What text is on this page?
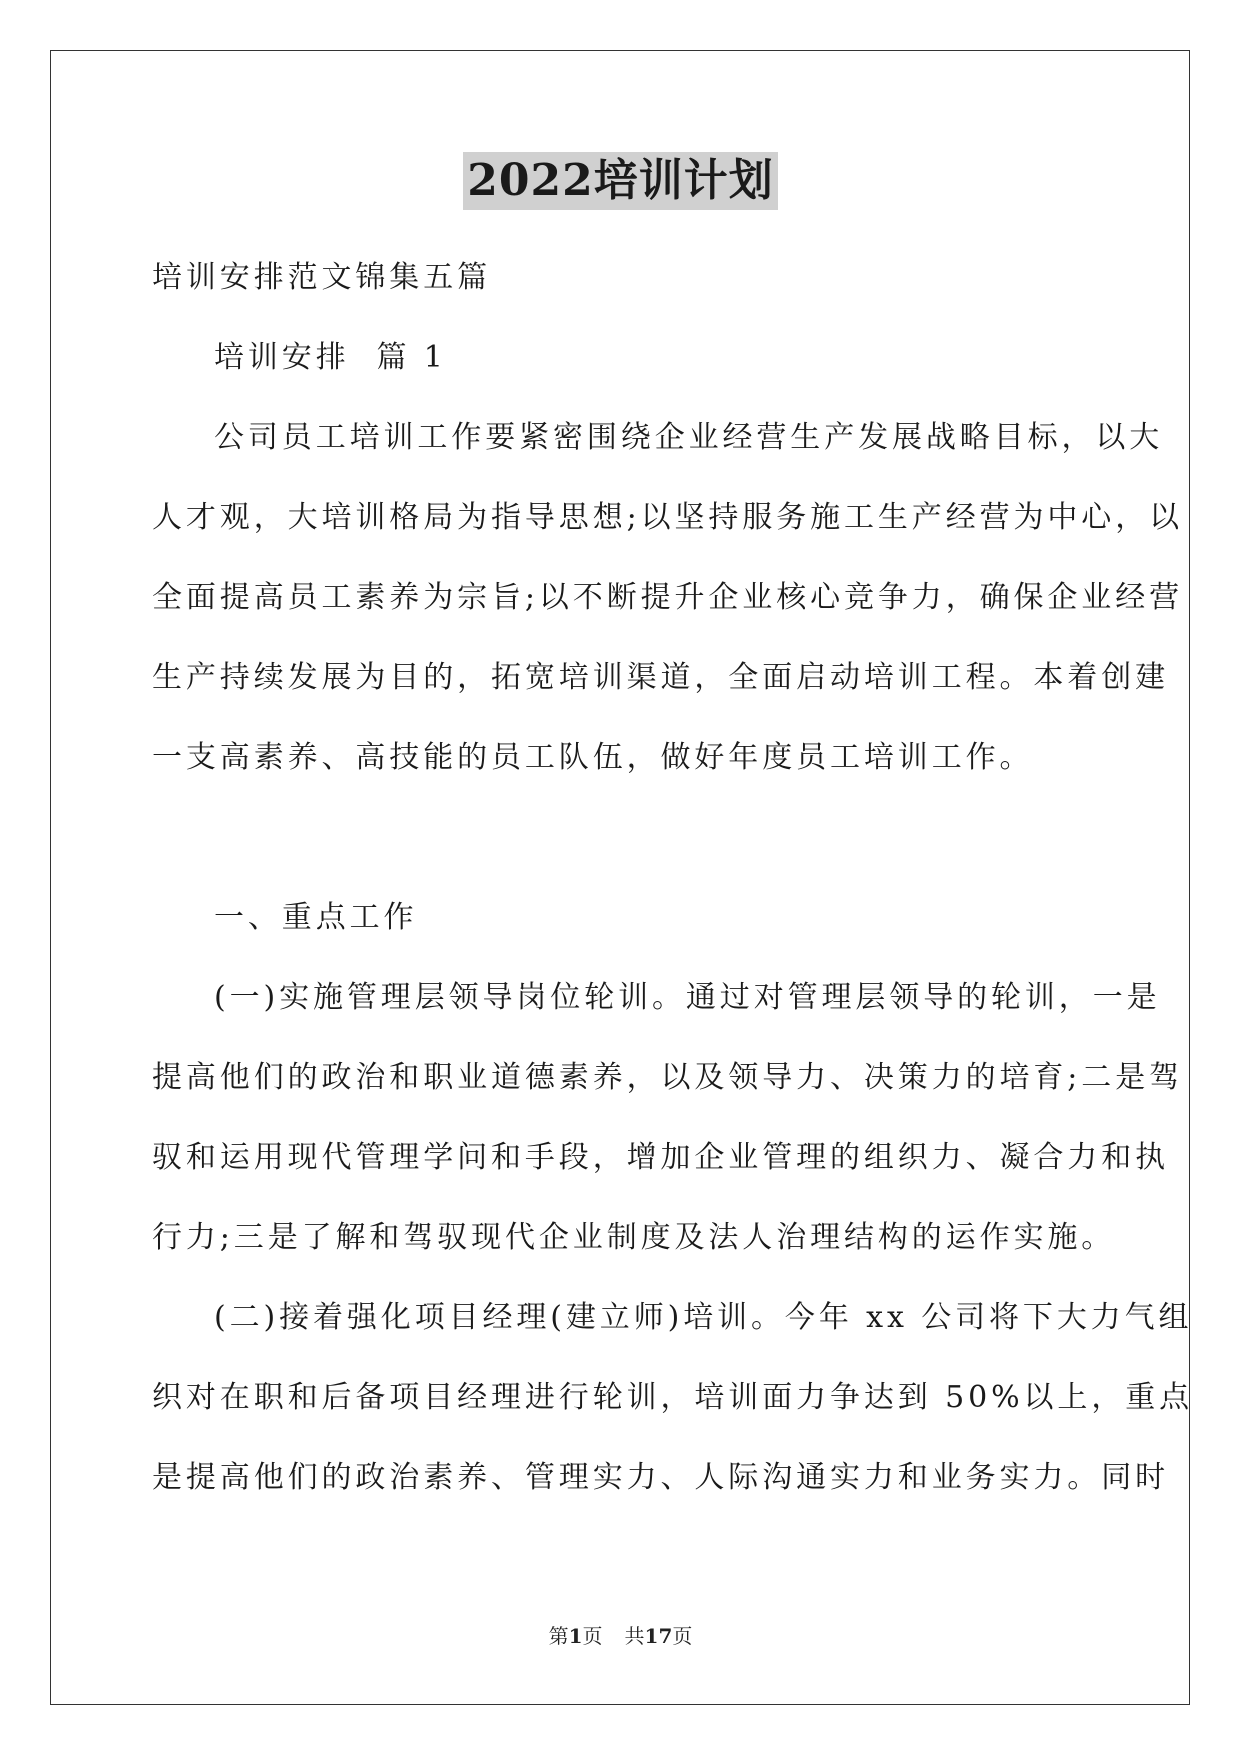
2022培训计划
培训安排范文锦集五篇
培训安排  篇 1
公司员工培训工作要紧密围绕企业经营生产发展战略目标，以大
人才观，大培训格局为指导思想;以坚持服务施工生产经营为中心，以
全面提高员工素养为宗旨;以不断提升企业核心竞争力，确保企业经营
生产持续发展为目的，拓宽培训渠道，全面启动培训工程。本着创建
一支高素养、高技能的员工队伍，做好年度员工培训工作。
一、重点工作
(一)实施管理层领导岗位轮训。通过对管理层领导的轮训，一是
提高他们的政治和职业道德素养，以及领导力、决策力的培育;二是驾
驭和运用现代管理学问和手段，增加企业管理的组织力、凝合力和执
行力;三是了解和驾驭现代企业制度及法人治理结构的运作实施。
(二)接着强化项目经理(建立师)培训。今年 xx 公司将下大力气组
织对在职和后备项目经理进行轮训，培训面力争达到 50%以上，重点
是提高他们的政治素养、管理实力、人际沟通实力和业务实力。同时
第1页 共17页
